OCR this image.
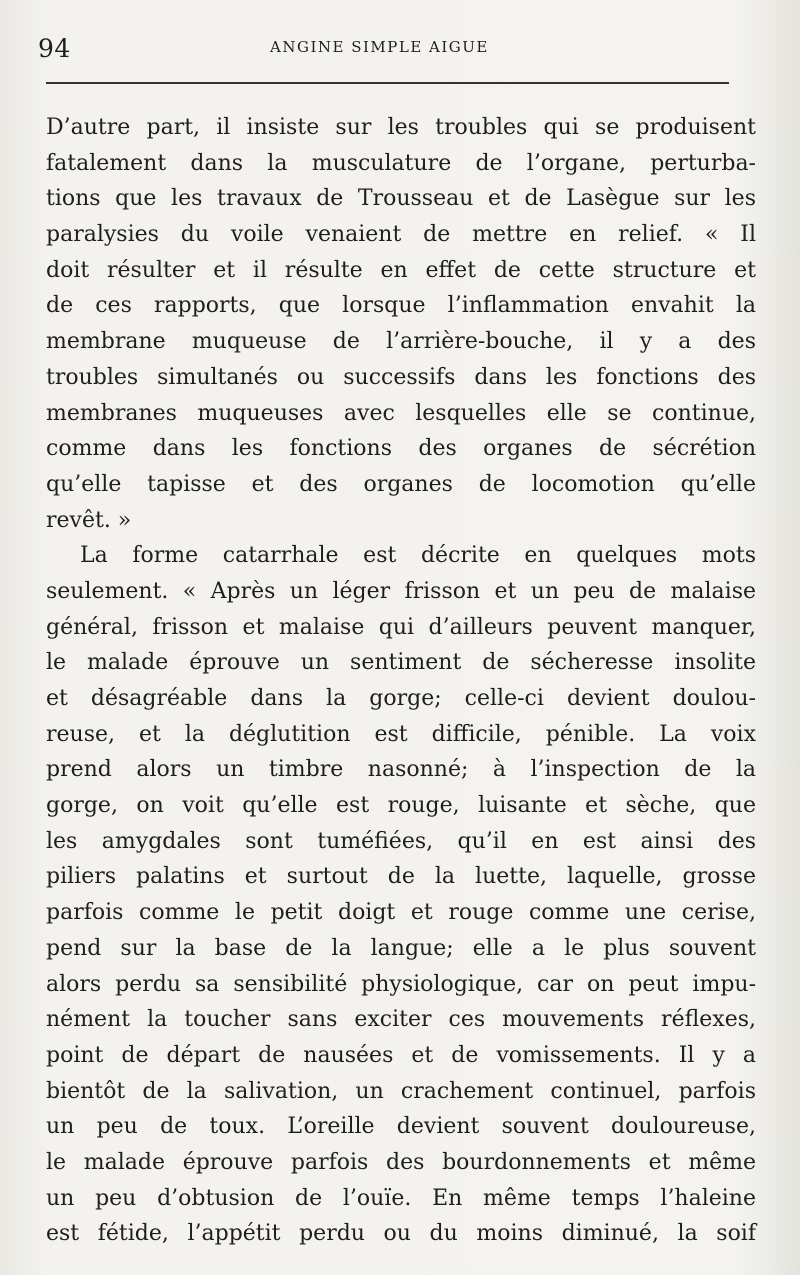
94	ANGINE SIMPLE AIGUE
D’autre part, il insiste sur les troubles qui se produisent
fatalement dans la musculature de l’organe, perturba-
tions que les travaux de Trousseau et de Lasègue sur les
paralysies du voile venaient de mettre en relief. « Il
doit résulter et il résulte en effet de cette structure et
de ces rapports, que lorsque l’inflammation envahit la
membrane muqueuse de l’arrière-bouche, il y a des
troubles simultanés ou successifs dans les fonctions des
membranes muqueuses avec lesquelles elle se continue,
comme dans les fonctions des organes de sécrétion
qu’elle tapisse et des organes de locomotion qu’elle
revêt. »
La forme catarrhale est décrite en quelques mots
seulement. « Après un léger frisson et un peu de malaise
général, frisson et malaise qui d’ailleurs peuvent manquer,
le malade éprouve un sentiment de sécheresse insolite
et désagréable dans la gorge; celle-ci devient doulou-
reuse, et la déglutition est difficile, pénible. La voix
prend alors un timbre nasonné; à l’inspection de la
gorge, on voit qu’elle est rouge, luisante et sèche, que
les amygdales sont tuméfiées, qu’il en est ainsi des
piliers palatins et surtout de la luette, laquelle, grosse
parfois comme le petit doigt et rouge comme une cerise,
pend sur la base de la langue; elle a le plus souvent
alors perdu sa sensibilité physiologique, car on peut impu-
nément la toucher sans exciter ces mouvements réflexes,
point de départ de nausées et de vomissements. Il y a
bientôt de la salivation, un crachement continuel, parfois
un peu de toux. L’oreille devient souvent douloureuse,
le malade éprouve parfois des bourdonnements et même
un peu d’obtusion de l’ouïe. En même temps l’haleine
est fétide, l’appétit perdu ou du moins diminué, la soif
